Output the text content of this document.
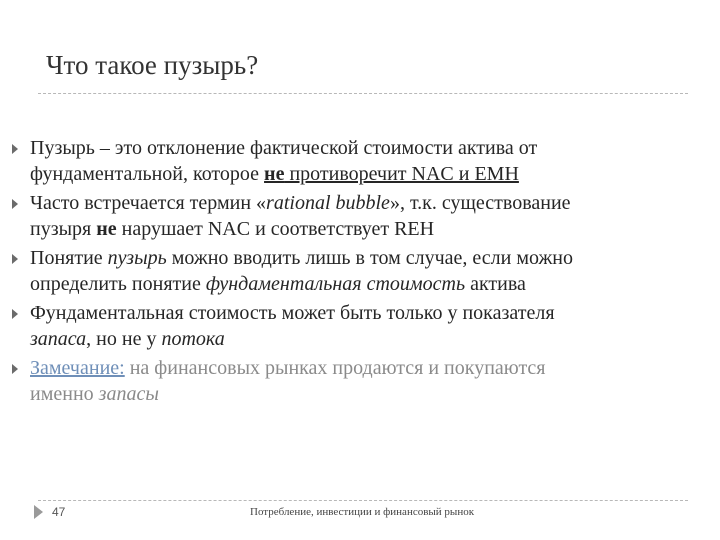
Что такое пузырь?
Пузырь – это отклонение фактической стоимости актива от
фундаментальной, которое не противоречит NAC и EMH
Часто встречается термин «rational bubble», т.к. существование
пузыря не нарушает NAC и соответствует REH
Понятие пузырь можно вводить лишь в том случае, если можно
определить понятие фундаментальная стоимость актива
Фундаментальная стоимость может быть только у показателя
запаса, но не у потока
Замечание: на финансовых рынках продаются и покупаются
именно запасы
47	Потребление, инвестиции и финансовый рынок
